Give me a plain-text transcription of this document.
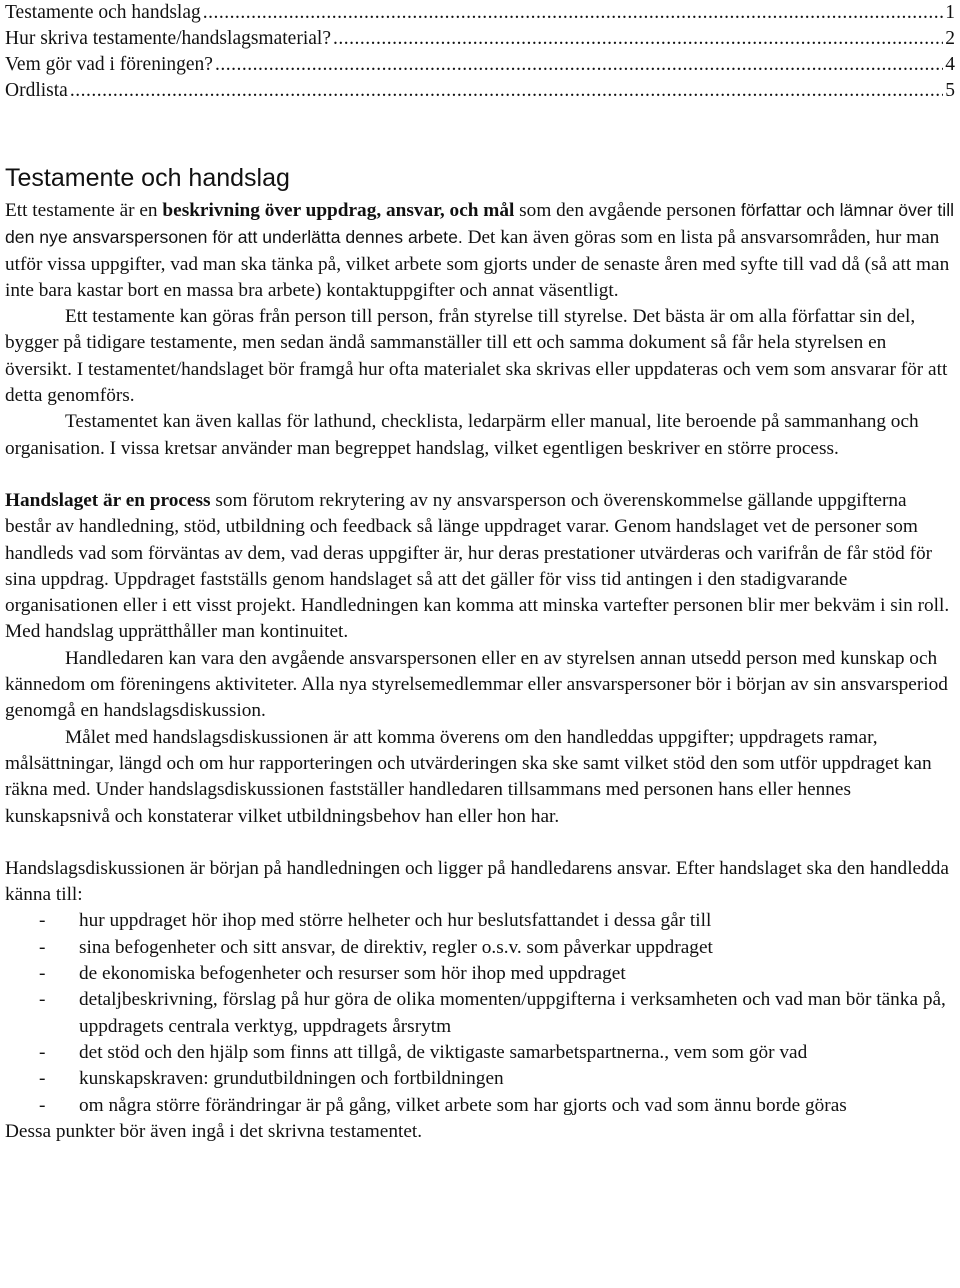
Testamente och handslag .....	1
Hur skriva testamente/handslagsmaterial? .....	2
Vem gör vad i föreningen? .....	4
Ordlista .....	5
Testamente och handslag

Ett testamente är en beskrivning över uppdrag, ansvar, och mål som den avgående personen författar och lämnar över till den nye ansvarspersonen för att underlätta dennes arbete. Det kan även göras som en lista på ansvarsområden, hur man utför vissa uppgifter, vad man ska tänka på, vilket arbete som gjorts under de senaste åren med syfte till vad då (så att man inte bara kastar bort en massa bra arbete) kontaktuppgifter och annat väsentligt.

Ett testamente kan göras från person till person, från styrelse till styrelse. Det bästa är om alla författar sin del, bygger på tidigare testamente, men sedan ändå sammanställer till ett och samma dokument så får hela styrelsen en översikt. I testamentet/handslaget bör framgå hur ofta materialet ska skrivas eller uppdateras och vem som ansvarar för att detta genomförs.

Testamentet kan även kallas för lathund, checklista, ledarpärm eller manual, lite beroende på sammanhang och organisation. I vissa kretsar använder man begreppet handslag, vilket egentligen beskriver en större process.

Handslaget är en process som förutom rekrytering av ny ansvarsperson och överenskommelse gällande uppgifterna består av handledning, stöd, utbildning och feedback så länge uppdraget varar. Genom handslaget vet de personer som handleds vad som förväntas av dem, vad deras uppgifter är, hur deras prestationer utvärderas och varifrån de får stöd för sina uppdrag. Uppdraget fastställs genom handslaget så att det gäller för viss tid antingen i den stadigvarande organisationen eller i ett visst projekt. Handledningen kan komma att minska vartefter personen blir mer bekväm i sin roll. Med handslag upprätthåller man kontinuitet.

Handledaren kan vara den avgående ansvarspersonen eller en av styrelsen annan utsedd person med kunskap och kännedom om föreningens aktiviteter. Alla nya styrelsemedlemmar eller ansvarspersoner bör i början av sin ansvarsperiod genomgå en handslagsdiskussion.

Målet med handslagsdiskussionen är att komma överens om den handleddas uppgifter; uppdragets ramar, målsättningar, längd och om hur rapporteringen och utvärderingen ska ske samt vilket stöd den som utför uppdraget kan räkna med. Under handslagsdiskussionen fastställer handledaren tillsammans med personen hans eller hennes kunskapsnivå och konstaterar vilket utbildningsbehov han eller hon har.

Handslagsdiskussionen är början på handledningen och ligger på handledarens ansvar. Efter handslaget ska den handledda känna till:

- hur uppdraget hör ihop med större helheter och hur beslutsfattandet i dessa går till
- sina befogenheter och sitt ansvar, de direktiv, regler o.s.v. som påverkar uppdraget
- de ekonomiska befogenheter och resurser som hör ihop med uppdraget
- detaljbeskrivning, förslag på hur göra de olika momenten/uppgifterna i verksamheten och vad man bör tänka på, uppdragets centrala verktyg, uppdragets årsrytm
- det stöd och den hjälp som finns att tillgå, de viktigaste samarbetspartnerna., vem som gör vad
- kunskapskraven: grundutbildningen och fortbildningen
- om några större förändringar är på gång, vilket arbete som har gjorts och vad som ännu borde göras

Dessa punkter bör även ingå i det skrivna testamentet.
